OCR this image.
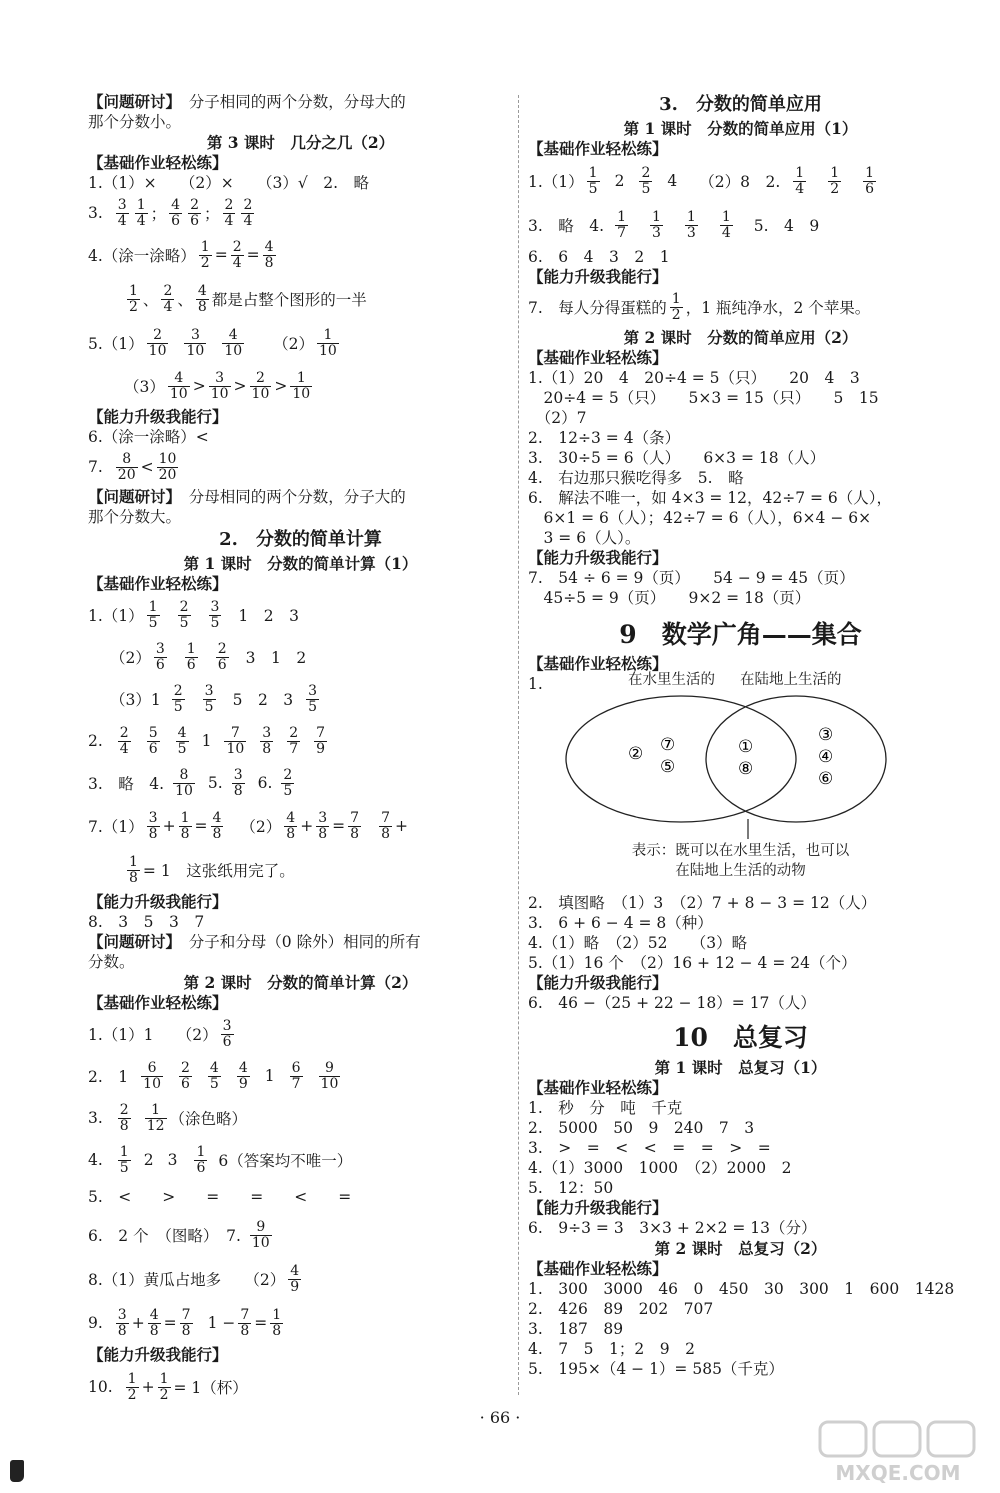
【问题研讨】　 分子相同的两个分数，分母大的
那个分数小。
第 3 课时　几分之几（2）
【基础作业轻松练】
1.（1）×　　（2）×　　（3）√　2.　略
3. $\frac{3}{4} \frac{1}{4}$ ； $\frac{4}{6} \frac{2}{6}$ ； $\frac{2}{4} \frac{2}{4}$
4.（涂一涂略） $\frac{1}{2} = \frac{2}{4} = \frac{4}{8}$
$\frac{1}{2}$ 、 $\frac{2}{4}$ 、 $\frac{4}{8}$ 都是占整个图形的一半
$5.(1) \frac{2}{10} \frac{3}{10} \frac{4}{10} (2) \frac{1}{10}$
$(3) \frac{4}{10} > \frac{3}{10} > \frac{2}{10} > \frac{1}{10}$
【能力升级我能行】
6.（涂一涂略）<
7. $\frac{8}{20} < \frac{10}{20}$
【问题研讨】　 分母相同的两个分数，分子大的
那个分数大。
2.　分数的简单计算
第 1 课时　分数的简单计算（1）
【基础作业轻松练】
$1.(1) \frac{1}{5} \frac{2}{5} \frac{3}{5} 1$　2　3
$(2) \frac{3}{6} \frac{1}{6} \frac{2}{6} 3$　1　2
$(3)1 \frac{2}{5} \frac{3}{5} 5$　2　$3 \frac{3}{5}$
2. $\frac{2}{4} \frac{5}{6} \frac{4}{5} 1 \frac{7}{10} \frac{3}{8} \frac{2}{7} \frac{7}{9}$
3.　略　4. $\frac{8}{10} 5$. $\frac{3}{8} 6$. $\frac{2}{5}$
$7.(1) \frac{3}{8} + \frac{1}{8} = \frac{4}{8} (2) \frac{4}{8} + \frac{3}{8} = \frac{7}{8} \frac{7}{8}$ +
$\frac{1}{8} = 1$　这张纸用完了。
【能力升级我能行】
8.　3　5　3　7
【问题研讨】　 分子和分母（0 除外）相同的所有
分数。
第 2 课时　分数的简单计算（2）
【基础作业轻松练】
1.（1）1　　$(2) \frac{3}{6}$
2.　$1 \frac{6}{10} \frac{2}{6} \frac{4}{5} \frac{4}{9} 1 \frac{6}{7} \frac{9}{10}$
3. $\frac{2}{8} \frac{1}{12}$ （涂色略）
4. $\frac{1}{5} 2$ $3 \frac{1}{6} 6$（答案均不唯一）
5.　<　　>　　=　　=　　<　　=
6.　2 个　（图略）　7. $\frac{9}{10}$
8.（1）黄瓜占地多　　$(2) \frac{4}{9}$
9. $\frac{3}{8} + \frac{4}{8} = \frac{7}{8} 1 - \frac{7}{8} = \frac{1}{8}$
【能力升级我能行】
10. $\frac{1}{2} + \frac{1}{2} = 1$（杯）
3.　分数的简单应用
第 1 课时　分数的简单应用（1）
【基础作业轻松练】
$1.(1) \frac{1}{5} 2 \frac{2}{5} 4$ （2）8　2. $\frac{1}{4} \frac{1}{2} \frac{1}{6}$
3.　略　4. $\frac{1}{7} \frac{1}{3} \frac{1}{3} \frac{1}{4} 5$.　4　9
6.　6　4　3　2　1
【能力升级我能行】
7.　每人分得蛋糕的 $\frac{1}{2}$ ，1 瓶纯净水，2 个苹果。
第 2 课时　分数的简单应用（2）
【基础作业轻松练】
1.（1）20　4　20÷4 = 5（只）　　20　4　3
　20÷4 = 5（只）　　5×3 = 15（只）　　5　15
　（2）7
2.　12÷3 = 4（条）
3.　30÷5 = 6（人）　　6×3 = 18（人）
4.　右边那只猴吃得多　5.　略
6.　解法不唯一，如 4×3 = 12，42÷7 = 6（人），
　6×1 = 6（人）；42÷7 = 6（人），6×4 − 6×
　3 = 6（人）。
【能力升级我能行】
7.　54 ÷ 6 = 9（页）　　54 − 9 = 45（页）
　45÷5 = 9（页）　　9×2 = 18（页）
9　数学广角——集合
【基础作业轻松练】
1.	在水里生活的 在陆地上生活的
② ⑦
⑤
①
⑧
③
④
⑥
表示：既可以在水里生活，也可以
在陆地上生活的动物
2.　填图略　（1）3　（2）7 + 8 − 3 = 12（人）
3.　6 + 6 − 4 = 8（种）
4.（1）略　（2）52　　（3）略
5.（1）16 个　（2）16 + 12 − 4 = 24（个）
【能力升级我能行】
6.　46 −（25 + 22 − 18）= 17（人）
10　总复习
第 1 课时　总复习（1）
【基础作业轻松练】
1.　秒　分　吨　千克
2.　5000　50　9　240　7　3
3.　>　=　<　<　=　=　>　=
4.（1）3000　1000　（2）2000　2
5.　12：50
【能力升级我能行】
6.　9÷3 = 3　3×3 + 2×2 = 13（分）
第 2 课时　总复习（2）
【基础作业轻松练】
1.　300　3000　46　0　450　30　300　1　600　1428
2.　426　89　202　707
3.　187　89
4.　7　5　1；2　9　2
5.　195×（4 − 1）= 585（千克）
· 66 ·
MXQE.COM
